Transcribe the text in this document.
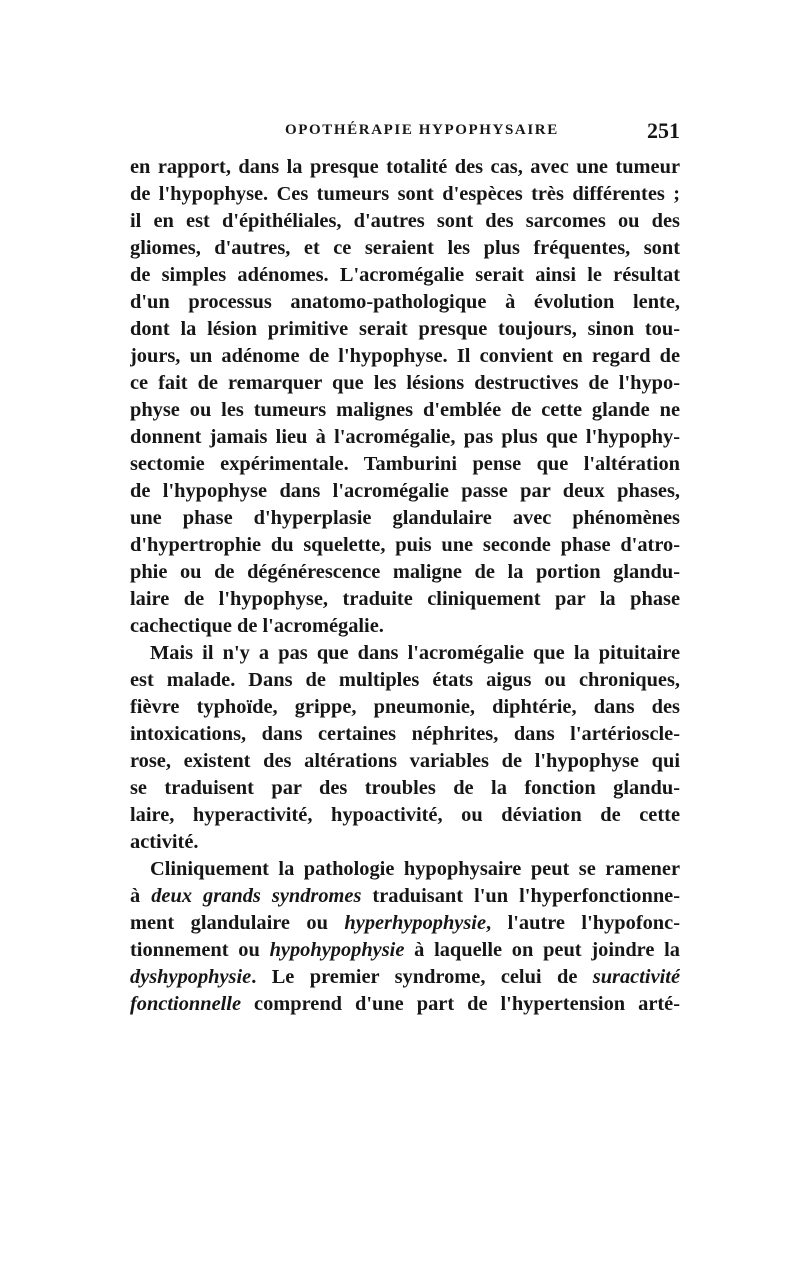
OPOTHÉRAPIE HYPOPHYSAIRE	251
en rapport, dans la presque totalité des cas, avec une tumeur
de l'hypophyse. Ces tumeurs sont d'espèces très différentes ;
il en est d'épithéliales, d'autres sont des sarcomes ou des
gliomes, d'autres, et ce seraient les plus fréquentes, sont
de simples adénomes. L'acromégalie serait ainsi le résultat
d'un processus anatomo-pathologique à évolution lente,
dont la lésion primitive serait presque toujours, sinon tou-
jours, un adénome de l'hypophyse. Il convient en regard de
ce fait de remarquer que les lésions destructives de l'hypo-
physe ou les tumeurs malignes d'emblée de cette glande ne
donnent jamais lieu à l'acromégalie, pas plus que l'hypophy-
sectomie expérimentale. Tamburini pense que l'altération
de l'hypophyse dans l'acromégalie passe par deux phases,
une phase d'hyperplasie glandulaire avec phénomènes
d'hypertrophie du squelette, puis une seconde phase d'atro-
phie ou de dégénérescence maligne de la portion glandu-
laire de l'hypophyse, traduite cliniquement par la phase
cachectique de l'acromégalie.
Mais il n'y a pas que dans l'acromégalie que la pituitaire
est malade. Dans de multiples états aigus ou chroniques,
fièvre typhoïde, grippe, pneumonie, diphtérie, dans des
intoxications, dans certaines néphrites, dans l'artérioscle-
rose, existent des altérations variables de l'hypophyse qui
se traduisent par des troubles de la fonction glandu-
laire, hyperactivité, hypoactivité, ou déviation de cette
activité.
Cliniquement la pathologie hypophysaire peut se ramener
à deux grands syndromes traduisant l'un l'hyperfonctionne-
ment glandulaire ou hyperhypophysie, l'autre l'hypofonc-
tionnement ou hypohypophysie à laquelle on peut joindre la
dyshypophysie. Le premier syndrome, celui de suractivité
fonctionnelle comprend d'une part de l'hypertension arté-
